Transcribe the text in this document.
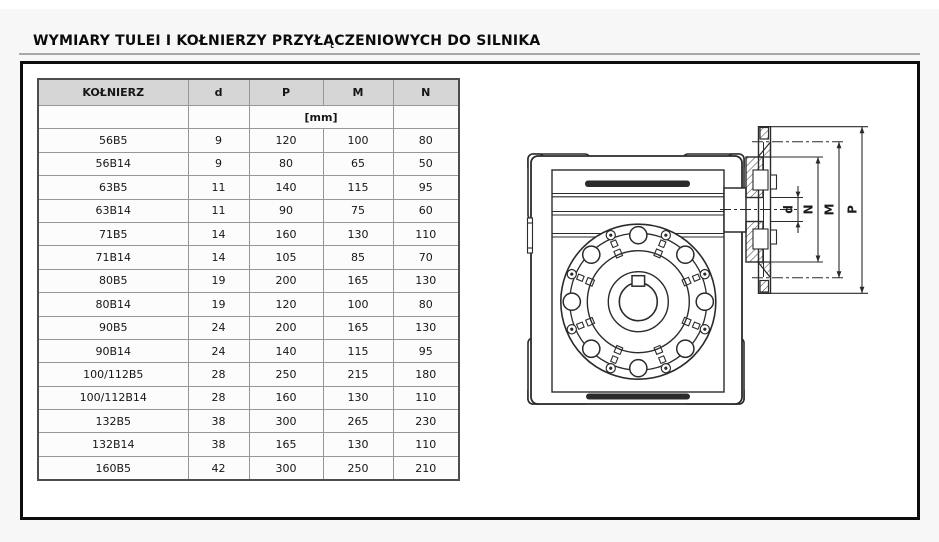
WYMIARY TULEI I KOŁNIERZY PRZYŁĄCZENIOWYCH DO SILNIKA
KOŁNIERZ	d	P	M	N
		[mm]		
56B5	9	120	100	80
56B14	9	80	65	50
63B5	11	140	115	95
63B14	11	90	75	60
71B5	14	160	130	110
71B14	14	105	85	70
80B5	19	200	165	130
80B14	19	120	100	80
90B5	24	200	165	130
90B14	24	140	115	95
100/112B5	28	250	215	180
100/112B14	28	160	130	110
132B5	38	300	265	230
132B14	38	165	130	110
160B5	42	300	250	210
d N M P
